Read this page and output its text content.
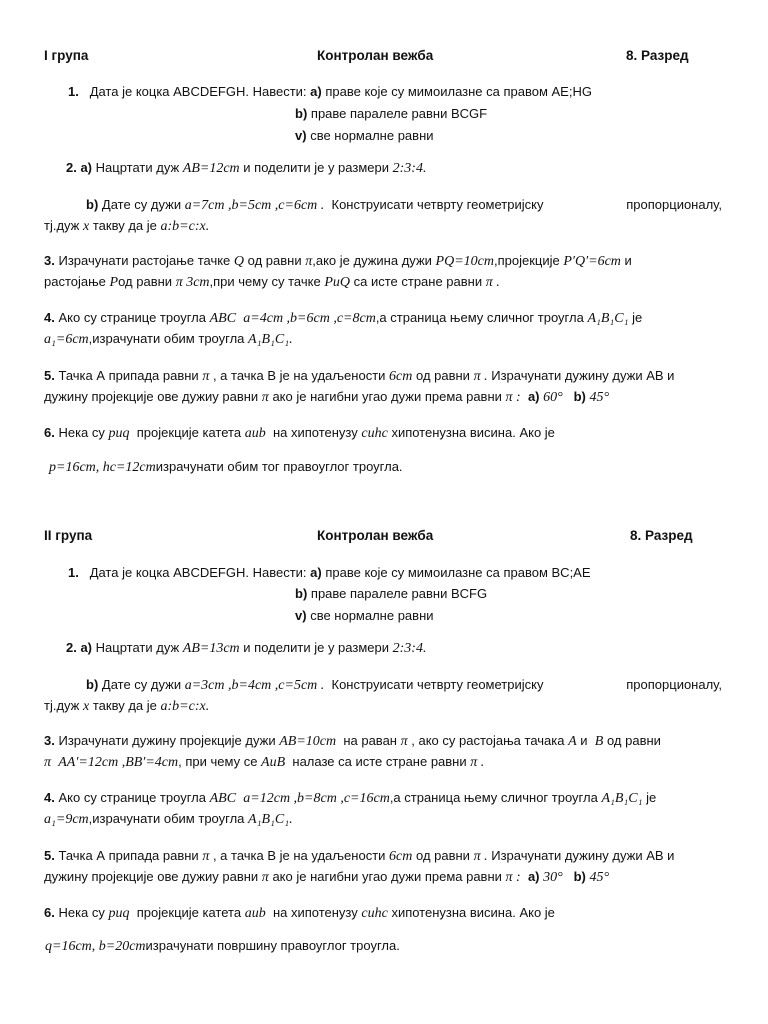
I група	Контролан вежба	8. Разред
1. Дата је коцка ABCDEFGH. Навести: a) праве које су мимоилазне са правом AE;HG
b) праве паралеле равни BCGF
v) све нормалне равни
2. a) Нацртати дуж AB=12cm и поделити је у размери 2:3:4.
b) Дате су дужи a=7cm ,b=5cm ,c=6cm . Конструисати четврту геометријску	пропорционалу,
тј.дуж x такву да је a:b=c:x.
3. Израчунати растојање тачке Q од равни π,ако је дужина дужи PQ=10cm,пројекције P′Q′=6cm и
растојање Pод равни π 3cm,при чему су тачке PuQ са исте стране равни π .
4. Ако су странице троугла ABC a=4cm ,b=6cm ,c=8cm,а страница њему сличног троугла A₁B₁C₁ је
a₁=6cm,израчунати обим троугла A₁B₁C₁.
5. Тачка А припада равни π , а тачка В је на удаљености 6cm од равни π . Израчунати дужину дужи АВ и
дужину пројекције ове дужиу равни π ако је нагибни угао дужи према равни π : a) 60° b) 45°
6. Нека су puq пројекције катета aub на хипотенузу cuhc хипотенузна висина. Ако је
p=16cm, hc=12cmизрачунати обим тог правоуглог троугла.
II група	Контролан вежба	8. Разред
1. Дата је коцка ABCDEFGH. Навести: a) праве које су мимоилазне са правом BC;AE
b) праве паралеле равни BCFG
v) све нормалне равни
2. a) Нацртати дуж AB=13cm и поделити је у размери 2:3:4.
b) Дате су дужи a=3cm ,b=4cm ,c=5cm . Конструисати четврту геометријску	пропорционалу,
тј.дуж x такву да је a:b=c:x.
3. Израчунати дужину пројекције дужи AB=10cm на раван π , ако су растојања тачака A и B од равни
π AA′=12cm ,BB′=4cm, при чему се AuB налазе са исте стране равни π .
4. Ако су странице троугла ABC a=12cm ,b=8cm ,c=16cm,а страница њему сличног троугла A₁B₁C₁ је
a₁=9cm,израчунати обим троугла A₁B₁C₁.
5. Тачка А припада равни π , а тачка В је на удаљености 6cm од равни π . Израчунати дужину дужи АВ и
дужину пројекције ове дужиу равни π ако је нагибни угао дужи према равни π : a) 30° b) 45°
6. Нека су puq пројекције катета aub на хипотенузу cuhc хипотенузна висина. Ако је
q=16cm, b=20cmизрачунати површину правоуглог троугла.
